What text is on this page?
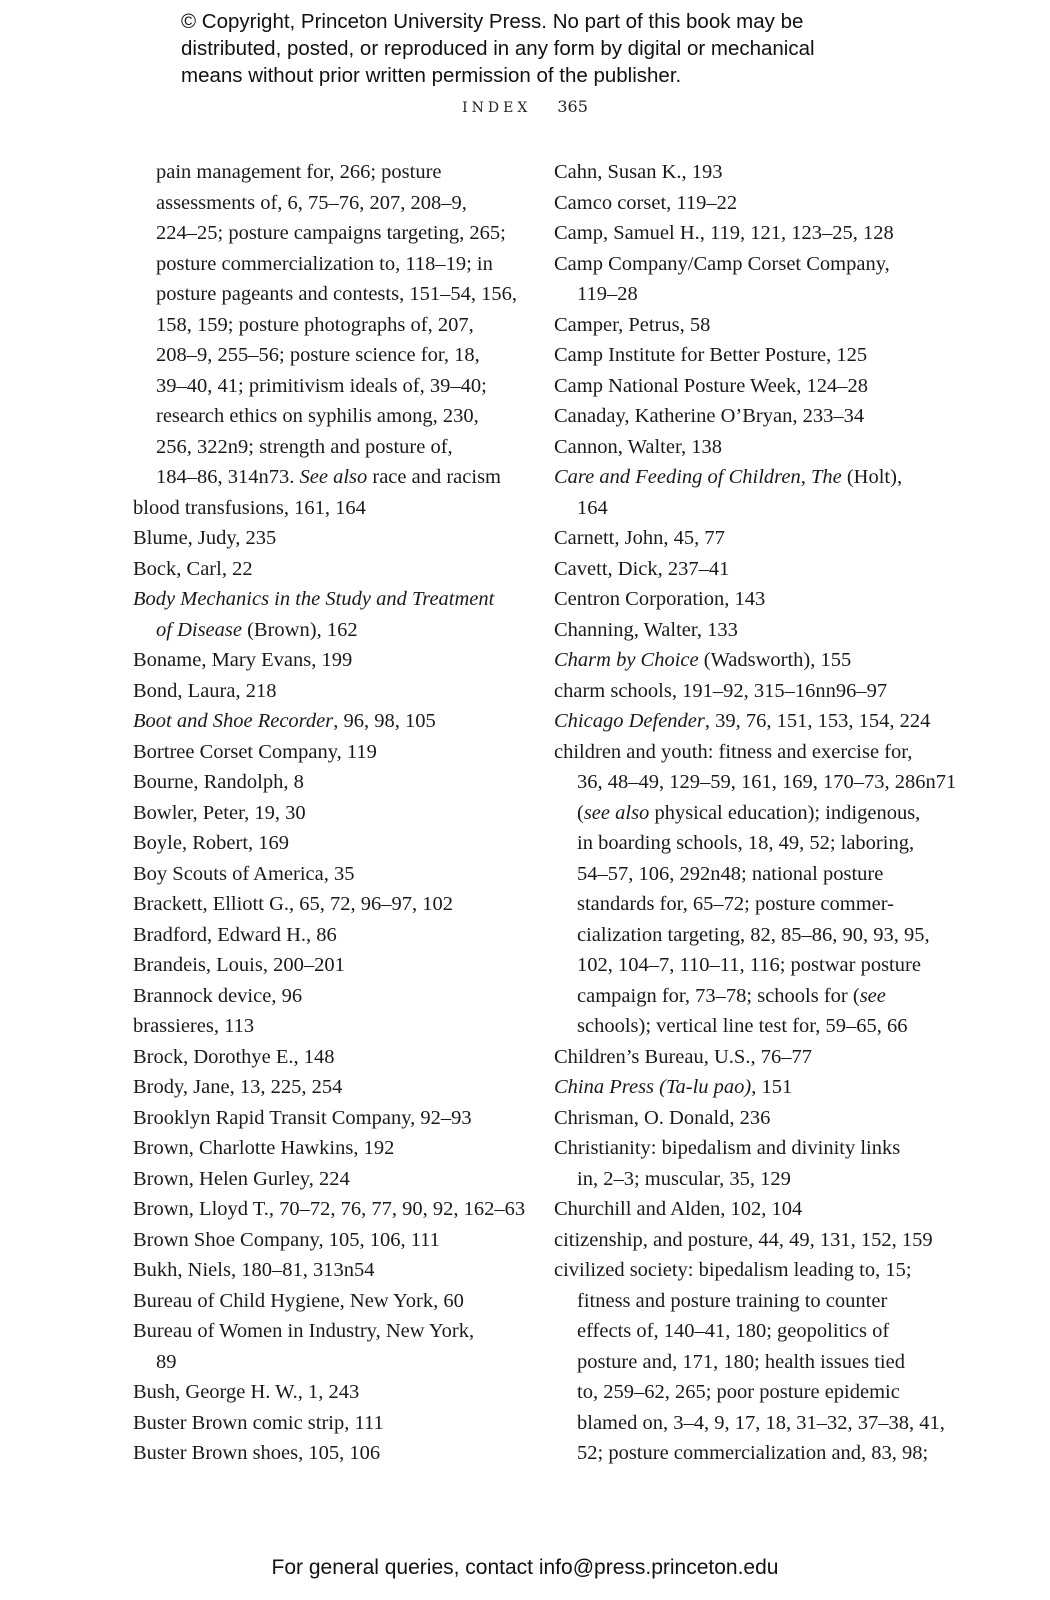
© Copyright, Princeton University Press. No part of this book may be
distributed, posted, or reproduced in any form by digital or mechanical
means without prior written permission of the publisher.
INDEX 365
pain management for, 266; posture
assessments of, 6, 75–76, 207, 208–9,
224–25; posture campaigns targeting, 265;
posture commercialization to, 118–19; in
posture pageants and contests, 151–54, 156,
158, 159; posture photographs of, 207,
208–9, 255–56; posture science for, 18,
39–40, 41; primitivism ideals of, 39–40;
research ethics on syphilis among, 230,
256, 322n9; strength and posture of,
184–86, 314n73. See also race and racism
blood transfusions, 161, 164
Blume, Judy, 235
Bock, Carl, 22
Body Mechanics in the Study and Treatment
of Disease (Brown), 162
Boname, Mary Evans, 199
Bond, Laura, 218
Boot and Shoe Recorder, 96, 98, 105
Bortree Corset Company, 119
Bourne, Randolph, 8
Bowler, Peter, 19, 30
Boyle, Robert, 169
Boy Scouts of America, 35
Brackett, Elliott G., 65, 72, 96–97, 102
Bradford, Edward H., 86
Brandeis, Louis, 200–201
Brannock device, 96
brassieres, 113
Brock, Dorothye E., 148
Brody, Jane, 13, 225, 254
Brooklyn Rapid Transit Company, 92–93
Brown, Charlotte Hawkins, 192
Brown, Helen Gurley, 224
Brown, Lloyd T., 70–72, 76, 77, 90, 92, 162–63
Brown Shoe Company, 105, 106, 111
Bukh, Niels, 180–81, 313n54
Bureau of Child Hygiene, New York, 60
Bureau of Women in Industry, New York,
89
Bush, George H. W., 1, 243
Buster Brown comic strip, 111
Buster Brown shoes, 105, 106
Cahn, Susan K., 193
Camco corset, 119–22
Camp, Samuel H., 119, 121, 123–25, 128
Camp Company/Camp Corset Company,
119–28
Camper, Petrus, 58
Camp Institute for Better Posture, 125
Camp National Posture Week, 124–28
Canaday, Katherine O’Bryan, 233–34
Cannon, Walter, 138
Care and Feeding of Children, The (Holt),
164
Carnett, John, 45, 77
Cavett, Dick, 237–41
Centron Corporation, 143
Channing, Walter, 133
Charm by Choice (Wadsworth), 155
charm schools, 191–92, 315–16nn96–97
Chicago Defender, 39, 76, 151, 153, 154, 224
children and youth: fitness and exercise for,
36, 48–49, 129–59, 161, 169, 170–73, 286n71
(see also physical education); indigenous,
in boarding schools, 18, 49, 52; laboring,
54–57, 106, 292n48; national posture
standards for, 65–72; posture commer-
cialization targeting, 82, 85–86, 90, 93, 95,
102, 104–7, 110–11, 116; postwar posture
campaign for, 73–78; schools for (see
schools); vertical line test for, 59–65, 66
Children’s Bureau, U.S., 76–77
China Press (Ta-lu pao), 151
Chrisman, O. Donald, 236
Christianity: bipedalism and divinity links
in, 2–3; muscular, 35, 129
Churchill and Alden, 102, 104
citizenship, and posture, 44, 49, 131, 152, 159
civilized society: bipedalism leading to, 15;
fitness and posture training to counter
effects of, 140–41, 180; geopolitics of
posture and, 171, 180; health issues tied
to, 259–62, 265; poor posture epidemic
blamed on, 3–4, 9, 17, 18, 31–32, 37–38, 41,
52; posture commercialization and, 83, 98;
For general queries, contact info@press.princeton.edu
